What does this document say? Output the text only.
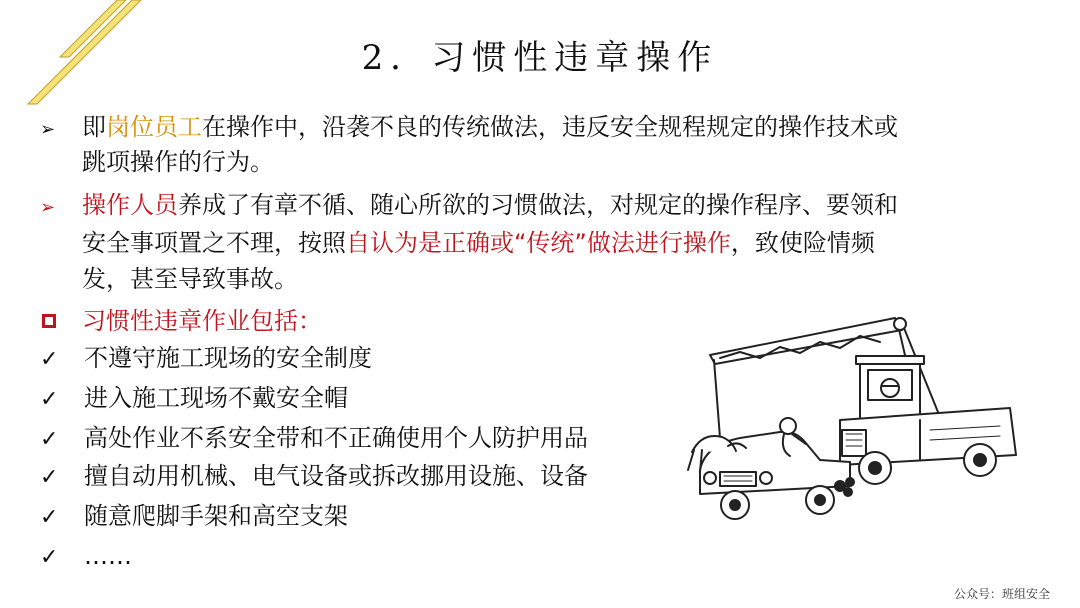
2．习惯性违章操作
➢ 即岗位员工在操作中，沿袭不良的传统做法，违反安全规程规定的操作技术或
跳项操作的行为。
➢ 操作人员养成了有章不循、随心所欲的习惯做法，对规定的操作程序、要领和
安全事项置之不理，按照自认为是正确或“传统”做法进行操作，致使险情频
发，甚至导致事故。
习惯性违章作业包括：
✓ 不遵守施工现场的安全制度
✓ 进入施工现场不戴安全帽
✓ 高处作业不系安全带和不正确使用个人防护用品
✓ 擅自动用机械、电气设备或拆改挪用设施、设备
✓ 随意爬脚手架和高空支架
✓ ……
公众号：班组安全
